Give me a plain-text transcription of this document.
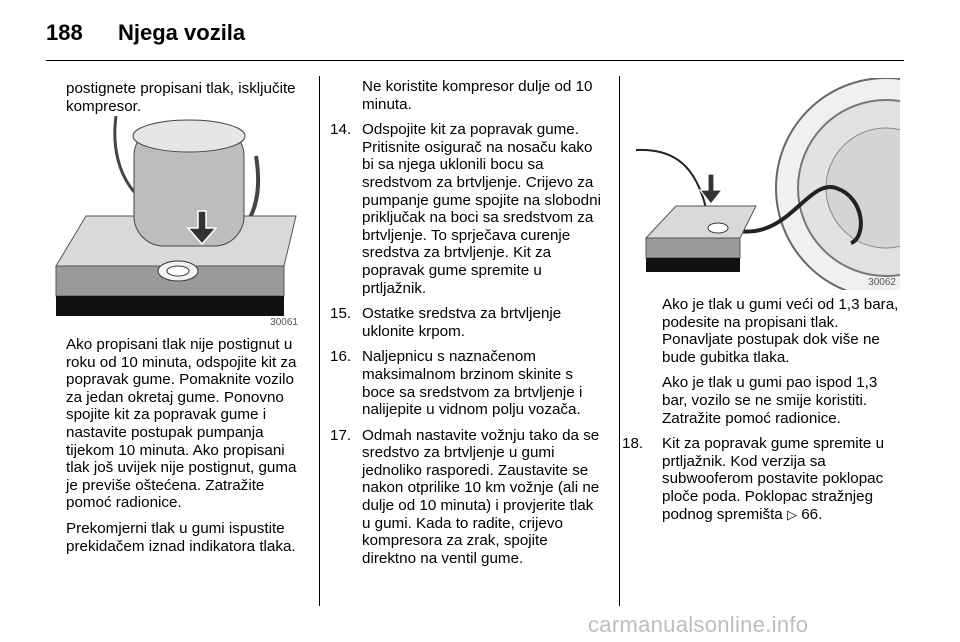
188 Njega vozila

postignete propisani tlak, isključite kompresor.

30061

Ako propisani tlak nije postignut u roku od 10 minuta, odspojite kit za popravak gume. Pomaknite vozilo za jedan okretaj gume. Ponovno spojite kit za popravak gume i nastavite postupak pumpanja tijekom 10 minuta. Ako propisani tlak još uvijek nije postignut, guma je previše oštećena. Zatražite pomoć radionice.

Prekomjerni tlak u gumi ispustite prekidačem iznad indikatora tlaka.

Ne koristite kompresor dulje od 10 minuta.

14. Odspojite kit za popravak gume. Pritisnite osigurač na nosaču kako bi sa njega uklonili bocu sa sredstvom za brtvljenje. Crijevo za pumpanje gume spojite na slobodni priključak na boci sa sredstvom za brtvljenje. To sprječava curenje sredstva za brtvljenje. Kit za popravak gume spremite u prtljažnik.
15. Ostatke sredstva za brtvljenje uklonite krpom.
16. Naljepnicu s naznačenom maksimalnom brzinom skinite s boce sa sredstvom za brtvljenje i nalijepite u vidnom polju vozača.
17. Odmah nastavite vožnju tako da se sredstvo za brtvljenje u gumi jednoliko rasporedi. Zaustavite se nakon otprilike 10 km vožnje (ali ne dulje od 10 minuta) i provjerite tlak u gumi. Kada to radite, crijevo kompresora za zrak, spojite direktno na ventil gume.
30062

Ako je tlak u gumi veći od 1,3 bara, podesite na propisani tlak. Ponavljate postupak dok više ne bude gubitka tlaka.

Ako je tlak u gumi pao ispod 1,3 bar, vozilo se ne smije koristiti. Zatražite pomoć radionice.

18. Kit za popravak gume spremite u prtljažnik. Kod verzija sa subwooferom postavite poklopac ploče poda. Poklopac stražnjeg podnog spremišta ▷ 66.
carmanualsonline.info
